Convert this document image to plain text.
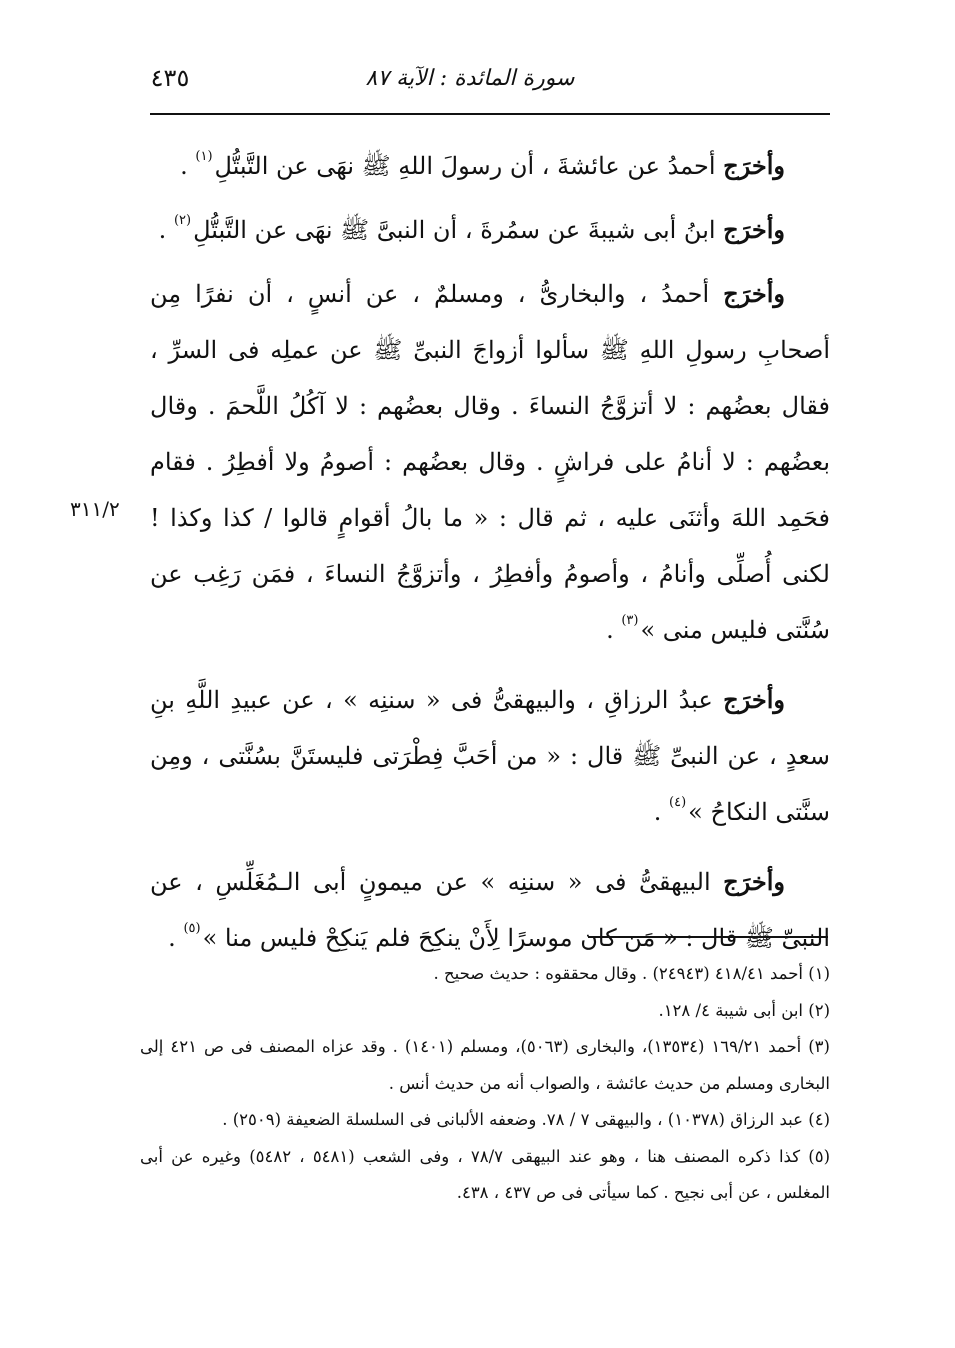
سورة المائدة : الآية ٨٧
٤٣٥
٣١١/٢

وأخرَج أحمدُ عن عائشةَ ، أن رسولَ اللهِ ﷺ نهَى عن التَّبتُّلِ$^{(١)}$ .

وأخرَج ابنُ أبى شيبةَ عن سمُرةَ ، أن النبىَّ ﷺ نهَى عن التَّبتُّلِ$^{(٢)}$ .

وأخرَج أحمدُ ، والبخارىُّ ، ومسلمٌ ، عن أنسٍ ، أن نفرًا مِن أصحابِ رسولِ اللهِ ﷺ سألوا أزواجَ النبىِّ ﷺ عن عملِه فى السرِّ ، فقال بعضُهم : لا أتزوَّجُ النساءَ . وقال بعضُهم : لا آكُلُ اللَّحمَ . وقال بعضُهم : لا أنامُ على فراشٍ . وقال بعضُهم : أصومُ ولا أفطِرُ . فقام فحَمِد اللهَ وأثنَى عليه ، ثم قال : « ما بالُ أقوامٍ قالوا / كذا وكذا ! لكنى أُصلِّى وأنامُ ، وأصومُ وأفطِرُ ، وأتزوَّجُ النساءَ ، فمَن رَغِب عن سُنَّتى فليس منى »$^{(٣)}$ .

وأخرَج عبدُ الرزاقِ ، والبيهقىُّ فى « سننِه » ، عن عبيدِ اللَّهِ بنِ سعدٍ ، عن النبىِّ ﷺ قال : « من أحَبَّ فِطْرَتى فليستَنَّ بسُنَّتى ، ومِن سنَّتى النكاحُ »$^{(٤)}$ .

وأخرَج البيهقىُّ فى « سننِه » عن ميمونٍ أبى الـمُغَلِّسِ ، عن النبىِّ ﷺ قال : « مَن كان موسرًا لِأَنْ ينكِحَ فلم يَنكِحْ فليس منا »$^{(٥)}$ .

(١) أحمد ٤١٨/٤١ (٢٤٩٤٣) . وقال محققوه : حديث صحيح .

(٢) ابن أبى شيبة ٤/ ١٢٨.

(٣) أحمد ١٦٩/٢١ (١٣٥٣٤)، والبخارى (٥٠٦٣)، ومسلم (١٤٠١) . وقد عزاه المصنف فى ص ٤٢١ إلى البخارى ومسلم من حديث عائشة ، والصواب أنه من حديث أنس .

(٤) عبد الرزاق (١٠٣٧٨) ، والبيهقى ٧ / ٧٨. وضعفه الألبانى فى السلسلة الضعيفة (٢٥٠٩) .

(٥) كذا ذكره المصنف هنا ، وهو عند البيهقى ٧٨/٧ ، وفى الشعب (٥٤٨١ ، ٥٤٨٢) وغيره عن أبى المغلس ، عن أبى نجيح . كما سيأتى فى ص ٤٣٧ ، ٤٣٨.
